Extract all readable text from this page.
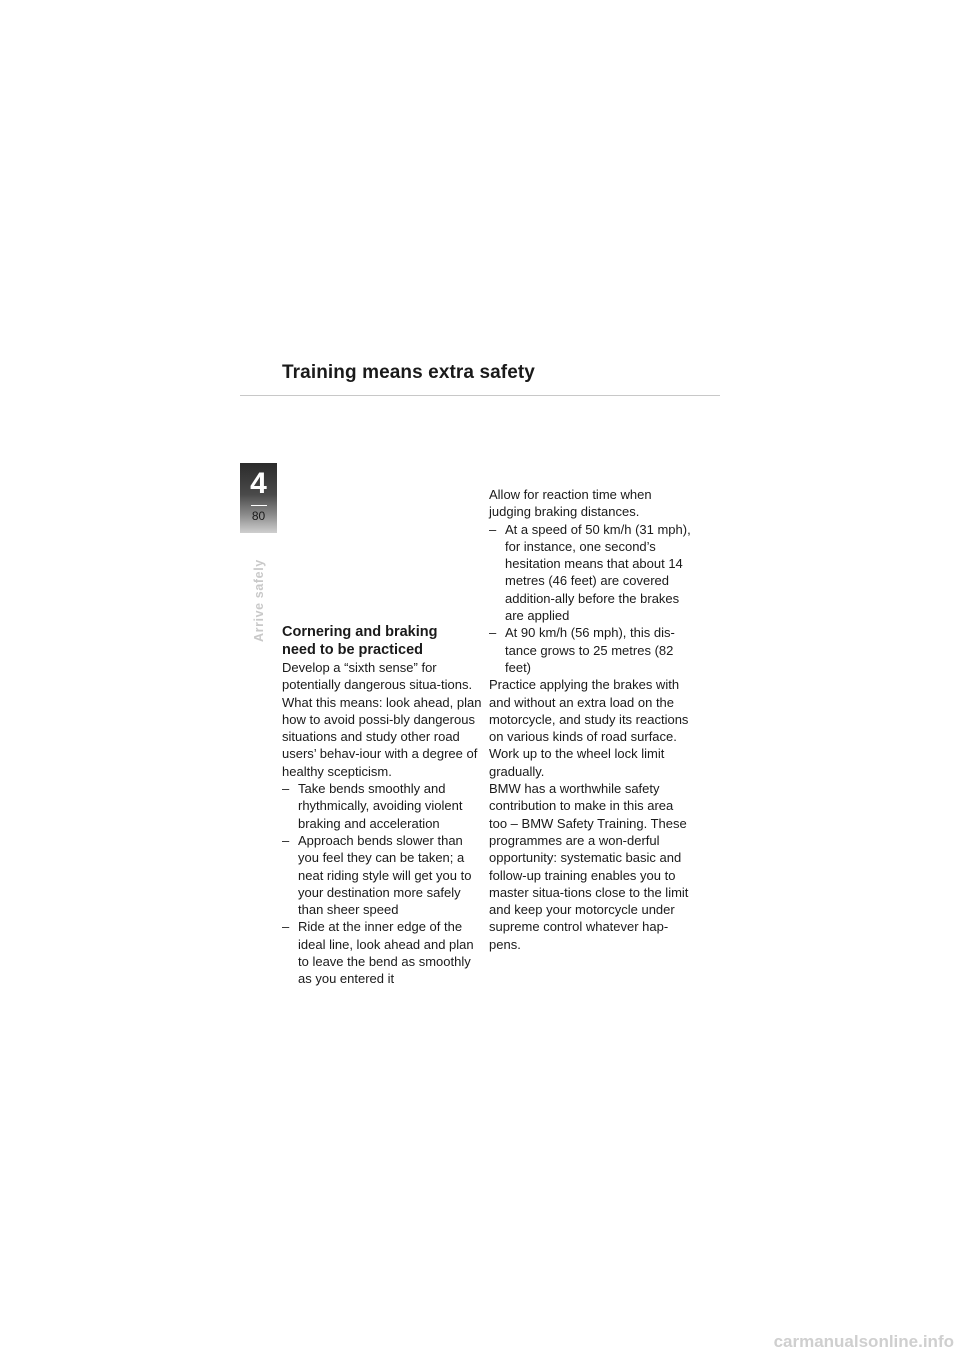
Training means extra safety
4
80
Arrive safely Cornering and braking
need to be practiced

Develop a “sixth sense” for potentially dangerous situa-tions. What this means: look ahead, plan how to avoid possi-bly dangerous situations and study other road users’ behav-iour with a degree of healthy scepticism.

– Take bends smoothly and rhythmically, avoiding violent braking and acceleration
– Approach bends slower than you feel they can be taken; a neat riding style will get you to your destination more safely than sheer speed
– Ride at the inner edge of the ideal line, look ahead and plan to leave the bend as smoothly as you entered it

Allow for reaction time when judging braking distances.

– At a speed of 50 km/h (31 mph), for instance, one second’s hesitation means that about 14 metres (46 feet) are covered addition-ally before the brakes are applied
– At 90 km/h (56 mph), this dis-tance grows to 25 metres (82 feet)

Practice applying the brakes with and without an extra load on the motorcycle, and study its reactions on various kinds of road surface.

Work up to the wheel lock limit gradually.

BMW has a worthwhile safety contribution to make in this area too – BMW Safety Training. These programmes are a won-derful opportunity: systematic basic and follow-up training enables you to master situa-tions close to the limit and keep your motorcycle under supreme control whatever hap-pens.

carmanualsonline.info
